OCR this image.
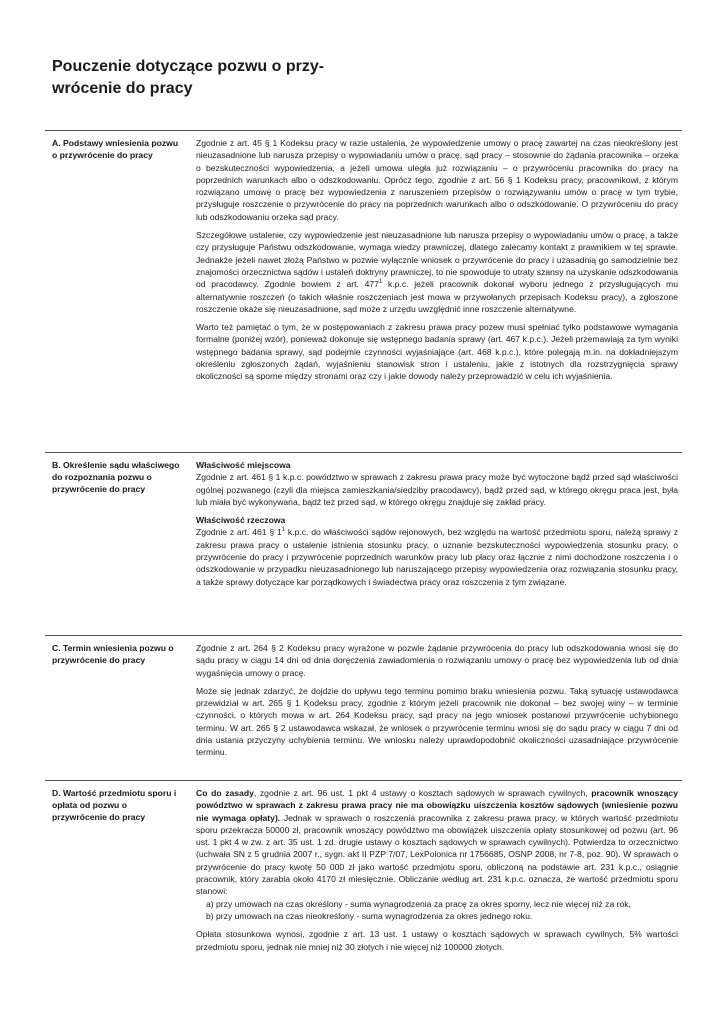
Pouczenie dotyczące pozwu o przy-wrócenie do pracy
A. Podstawy wniesienia pozwu o przywrócenie do pracy

Zgodnie z art. 45 § 1 Kodeksu pracy w razie ustalenia, że wypowiedzenie umowy o pracę zawartej na czas nieokreślony jest nieuzasadnione lub narusza przepisy o wypowiadaniu umów o pracę, sąd pracy – stosownie do żądania pracownika – orzeka o bezskuteczności wypowiedzenia, a jeżeli umowa uległa już rozwiązaniu – o przywróceniu pracownika do pracy na poprzednich warunkach albo o odszkodowaniu. Oprócz tego, zgodnie z art. 56 § 1 Kodeksu pracy, pracownikowi, z którym rozwiązano umowę o pracę bez wypowiedzenia z naruszeniem przepisów o rozwiązywaniu umów o pracę w tym trybie, przysługuje roszczenie o przywrócenie do pracy na poprzednich warunkach albo o odszkodowanie. O przywróceniu do pracy lub odszkodowaniu orzeka sąd pracy.

Szczegółowe ustalenie, czy wypowiedzenie jest nieuzasadnione lub narusza przepisy o wypowiadaniu umów o pracę, a także czy przysługuje Państwu odszkodowanie, wymaga wiedzy prawniczej, dlatego zalecamy kontakt z prawnikiem w tej sprawie. Jednakże jeżeli nawet złożą Państwo w pozwie wyłącznie wniosek o przywrócenie do pracy i uzasadnią go samodzielnie bez znajomości orzecznictwa sądów i ustaleń doktryny prawniczej, to nie spowoduje to utraty szansy na uzyskanie odszkodowania od pracodawcy. Zgodnie bowiem z art. $477^1$ k.p.c. jeżeli pracownik dokonał wyboru jednego z przysługujących mu alternatywnie roszczeń (o takich właśnie roszczeniach jest mowa w przywołanych przepisach Kodeksu pracy), a zgłoszone roszczenie okaże się nieuzasadnione, sąd może z urzędu uwzględnić inne roszczenie alternatywne.

Warto też pamiętać o tym, że w postępowaniach z zakresu prawa pracy pozew musi spełniać tylko podstawowe wymagania formalne (poniżej wzór), ponieważ dokonuje się wstępnego badania sprawy (art. 467 k.p.c.). Jeżeli przemawiają za tym wyniki wstępnego badania sprawy, sąd podejmie czynności wyjaśniające (art. 468 k.p.c.), które polegają m.in. na dokładniejszym określeniu zgłoszonych żądań, wyjaśnieniu stanowisk stron i ustaleniu, jakie z istotnych dla rozstrzygnięcia sprawy okoliczności są sporne między stronami oraz czy i jakie dowody należy przeprowadzić w celu ich wyjaśnienia.

B. Określenie sądu właściwego do rozpoznania pozwu o przywrócenie do pracy
Właściwość miejscowa

Zgodnie z art. 461 § 1 k.p.c. powództwo w sprawach z zakresu prawa pracy może być wytoczone bądź przed sąd właściwości ogólnej pozwanego (czyli dla miejsca zamieszkania/siedziby pracodawcy), bądź przed sąd, w którego okręgu praca jest, była lub miała być wykonywana, bądź też przed sąd, w którego okręgu znajduje się zakład pracy.

Właściwość rzeczowa

Zgodnie z art. 461 § $1^1$ k.p.c. do właściwości sądów rejonowych, bez względu na wartość przedmiotu sporu, należą sprawy z zakresu prawa pracy o ustalenie istnienia stosunku pracy, o uznanie bezskuteczności wypowiedzenia stosunku pracy, o przywrócenie do pracy i przywrócenie poprzednich warunków pracy lub płacy oraz łącznie z nimi dochodzone roszczenia i o odszkodowanie w przypadku nieuzasadnionego lub naruszającego przepisy wypowiedzenia oraz rozwiązania stosunku pracy, a także sprawy dotyczące kar porządkowych i świadectwa pracy oraz roszczenia z tym związane.

C. Termin wniesienia pozwu o przywrócenie do pracy

Zgodnie z art. 264 § 2 Kodeksu pracy wyrażone w pozwie żądanie przywrócenia do pracy lub odszkodowania wnosi się do sądu pracy w ciągu 14 dni od dnia doręczenia zawiadomienia o rozwiązaniu umowy o pracę bez wypowiedzenia lub od dnia wygaśnięcia umowy o pracę.

Może się jednak zdarzyć, że dojdzie do upływu tego terminu pomimo braku wniesienia pozwu. Taką sytuację ustawodawca przewidział w art. 265 § 1 Kodeksu pracy, zgodnie z którym jeżeli pracownik nie dokonał – bez swojej winy – w terminie czynności, o których mowa w art. 264 Kodeksu pracy, sąd pracy na jego wniosek postanowi przywrócenie uchybionego terminu. W art. 265 § 2 ustawodawca wskazał, że wniosek o przywrócenie terminu wnosi się do sądu pracy w ciągu 7 dni od dnia ustania przyczyny uchybienia terminu. We wniosku należy uprawdopodobnić okoliczności uzasadniające przywrócenie terminu.

D. Wartość przedmiotu sporu i opłata od pozwu o przywrócenie do pracy

Co do zasady, zgodnie z art. 96 ust. 1 pkt 4 ustawy o kosztach sądowych w sprawach cywilnych, pracownik wnoszący powództwo w sprawach z zakresu prawa pracy nie ma obowiązku uiszczenia kosztów sądowych (wniesienie pozwu nie wymaga opłaty). Jednak w sprawach o roszczenia pracownika z zakresu prawa pracy, w których wartość przedmiotu sporu przekracza 50000 zł, pracownik wnoszący powództwo ma obowiązek uiszczenia opłaty stosunkowej od pozwu (art. 96 ust. 1 pkt 4 w zw. z art. 35 ust. 1 zd. drugie ustawy o kosztach sądowych w sprawach cywilnych). Potwierdza to orzecznictwo (uchwała SN z 5 grudnia 2007 r., sygn. akt II PZP 7/07, LexPolonica nr 1756685, OSNP 2008, nr 7-8, poz. 90). W sprawach o przywrócenie do pracy kwotę 50 000 zł jako wartość przedmiotu sporu, obliczoną na podstawie art. 231 k.p.c., osiągnie pracownik, który zarabia około 4170 zł miesięcznie. Obliczanie według art. 231 k.p.c. oznacza, że wartość przedmiotu sporu stanowi:

a) przy umowach na czas określony - suma wynagrodzenia za pracę za okres sporny, lecz nie więcej niż za rok,
b) przy umowach na czas nieokreślony - suma wynagrodzenia za okres jednego roku.

Opłata stosunkowa wynosi, zgodnie z art. 13 ust. 1 ustawy o kosztach sądowych w sprawach cywilnych, 5% wartości przedmiotu sporu, jednak nie mniej niż 30 złotych i nie więcej niż 100000 złotych.
